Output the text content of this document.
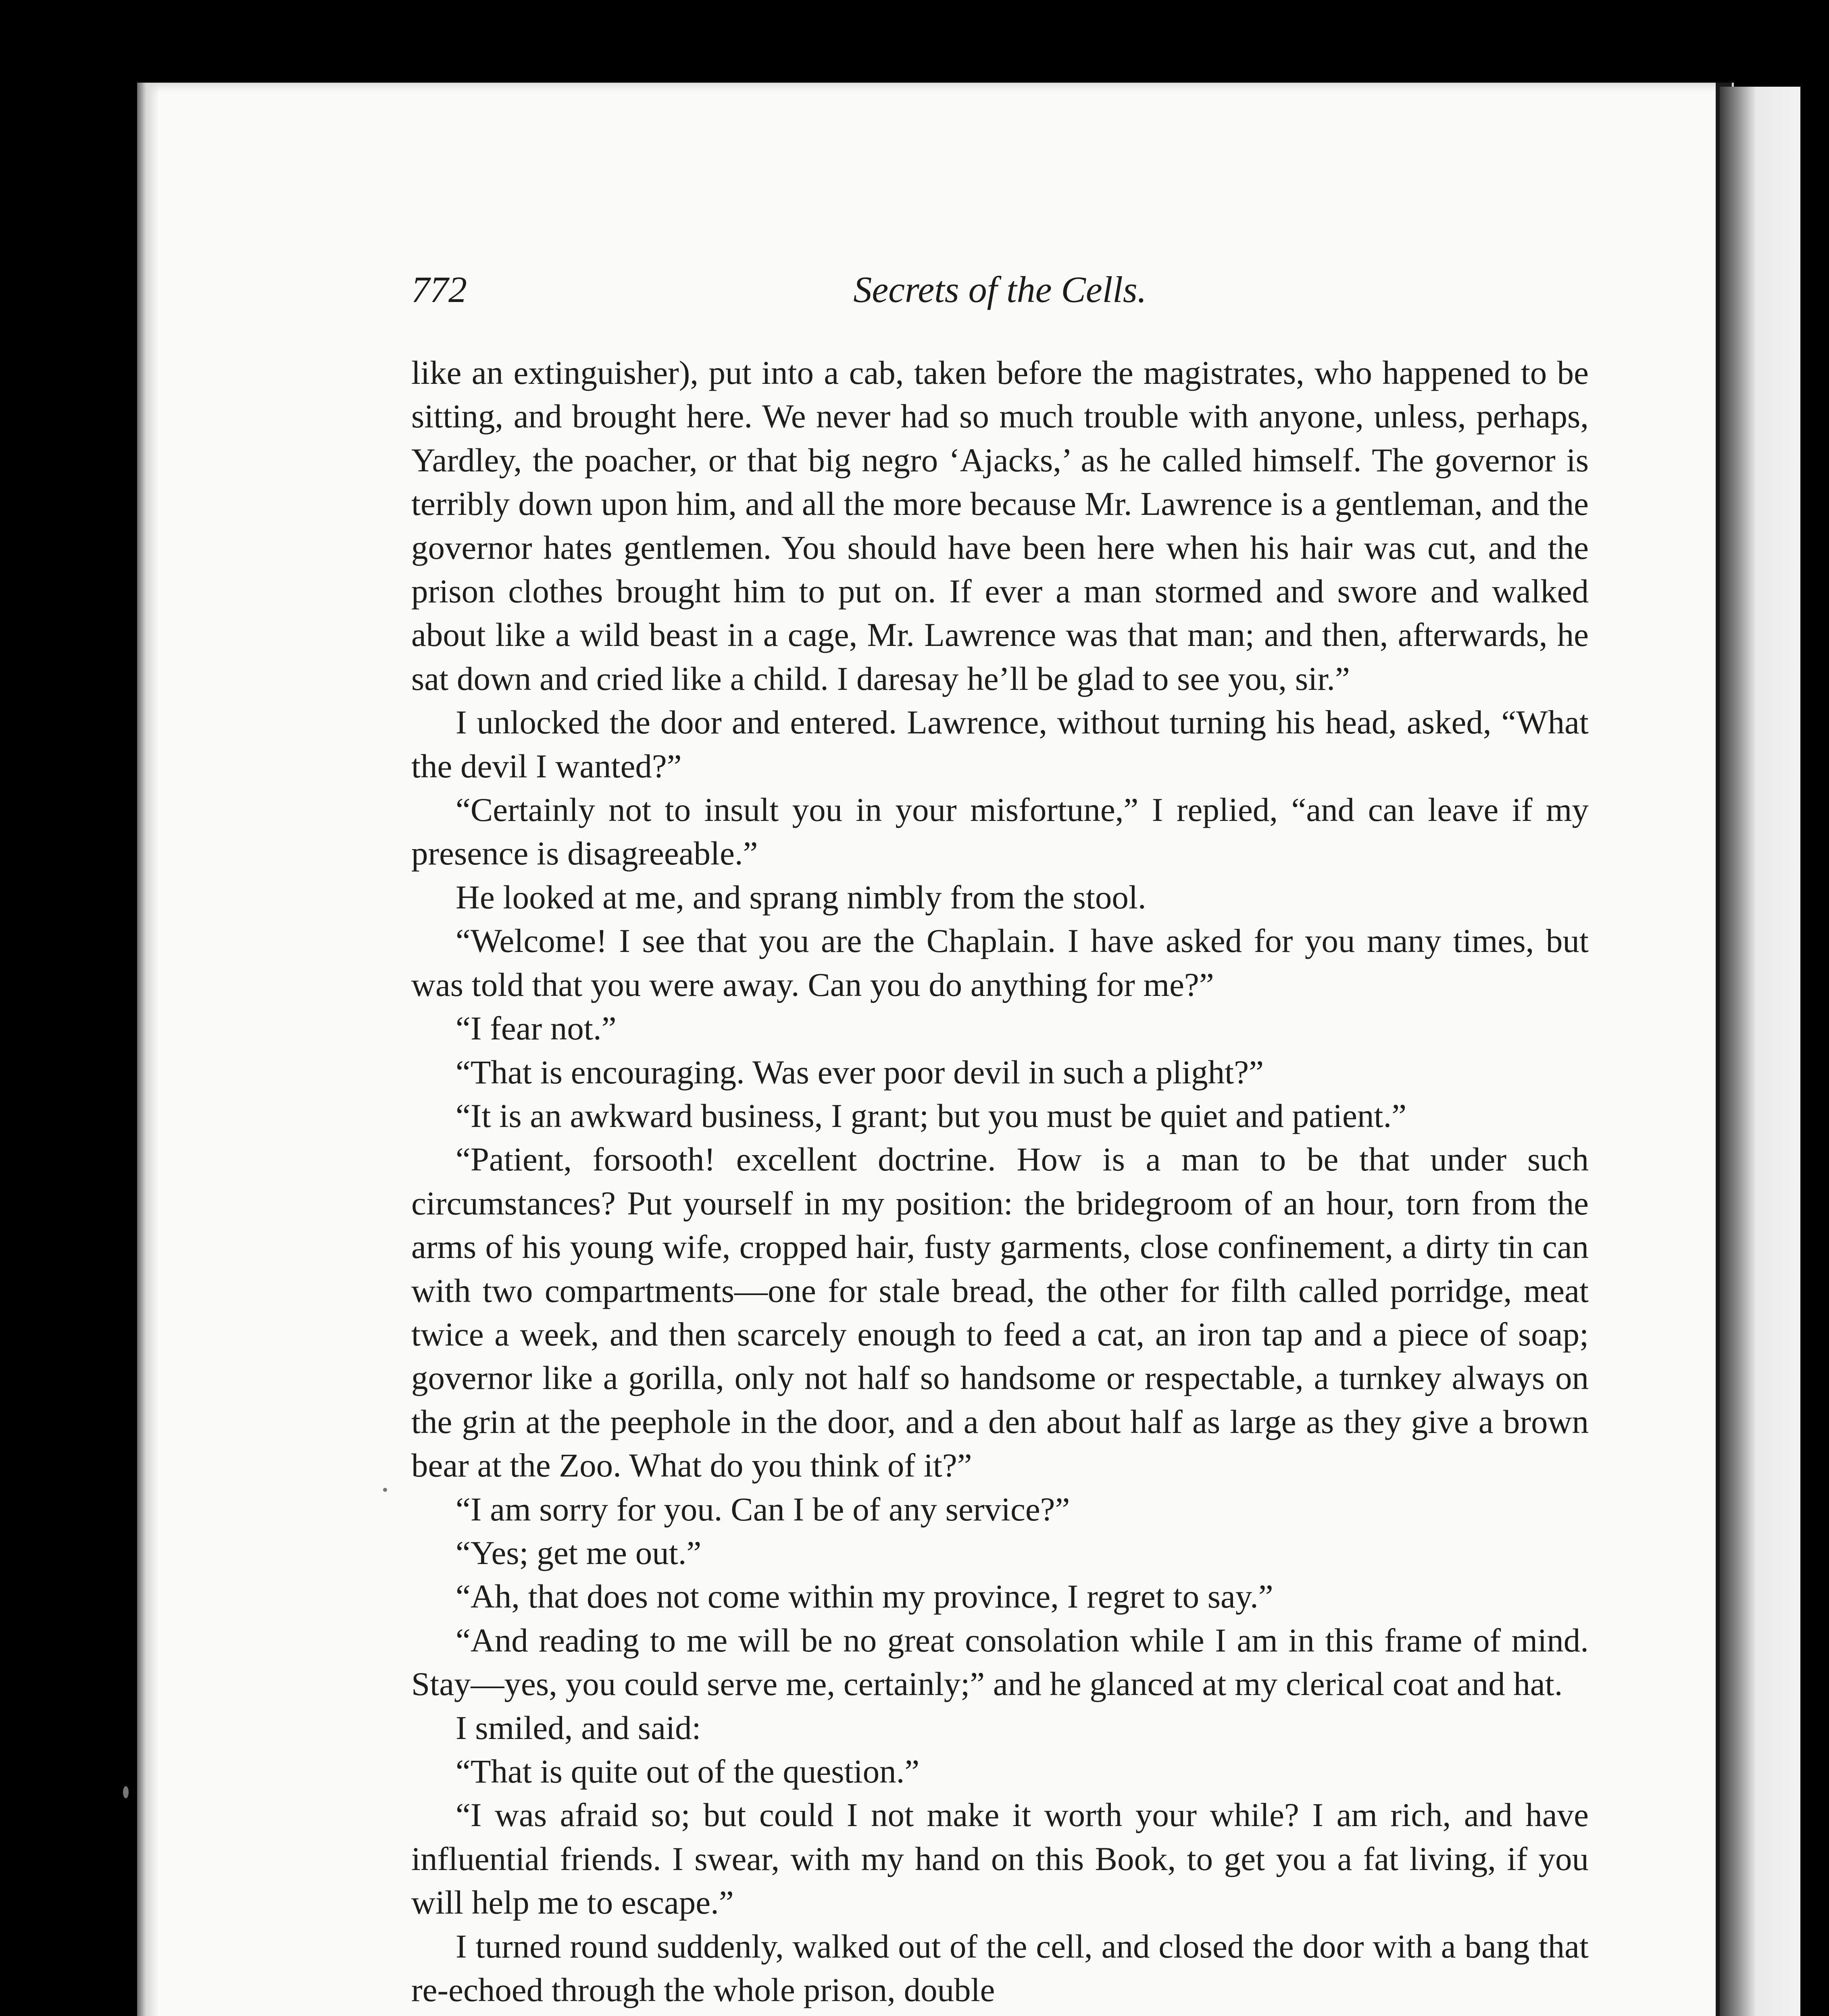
772	Secrets of the Cells.

like an extinguisher), put into a cab, taken before the magistrates, who happened to be sitting, and brought here. We never had so much trouble with anyone, unless, perhaps, Yardley, the poacher, or that big negro ‘Ajacks,’ as he called himself. The governor is terribly down upon him, and all the more because Mr. Lawrence is a gentleman, and the governor hates gentlemen. You should have been here when his hair was cut, and the prison clothes brought him to put on. If ever a man stormed and swore and walked about like a wild beast in a cage, Mr. Lawrence was that man; and then, afterwards, he sat down and cried like a child. I daresay he’ll be glad to see you, sir.”

I unlocked the door and entered. Lawrence, without turning his head, asked, “What the devil I wanted?”

“Certainly not to insult you in your misfortune,” I replied, “and can leave if my presence is disagreeable.”

He looked at me, and sprang nimbly from the stool.

“Welcome! I see that you are the Chaplain. I have asked for you many times, but was told that you were away. Can you do anything for me?”

“I fear not.”

“That is encouraging. Was ever poor devil in such a plight?”

“It is an awkward business, I grant; but you must be quiet and patient.”

“Patient, forsooth! excellent doctrine. How is a man to be that under such circumstances? Put yourself in my position: the bridegroom of an hour, torn from the arms of his young wife, cropped hair, fusty garments, close confinement, a dirty tin can with two compartments—one for stale bread, the other for filth called porridge, meat twice a week, and then scarcely enough to feed a cat, an iron tap and a piece of soap; governor like a gorilla, only not half so handsome or respectable, a turnkey always on the grin at the peephole in the door, and a den about half as large as they give a brown bear at the Zoo. What do you think of it?”

“I am sorry for you. Can I be of any service?”

“Yes; get me out.”

“Ah, that does not come within my province, I regret to say.”

“And reading to me will be no great consolation while I am in this frame of mind. Stay—yes, you could serve me, certainly;” and he glanced at my clerical coat and hat.

I smiled, and said:

“That is quite out of the question.”

“I was afraid so; but could I not make it worth your while? I am rich, and have influential friends. I swear, with my hand on this Book, to get you a fat living, if you will help me to escape.”

I turned round suddenly, walked out of the cell, and closed the door with a bang that re-echoed through the whole prison, double
